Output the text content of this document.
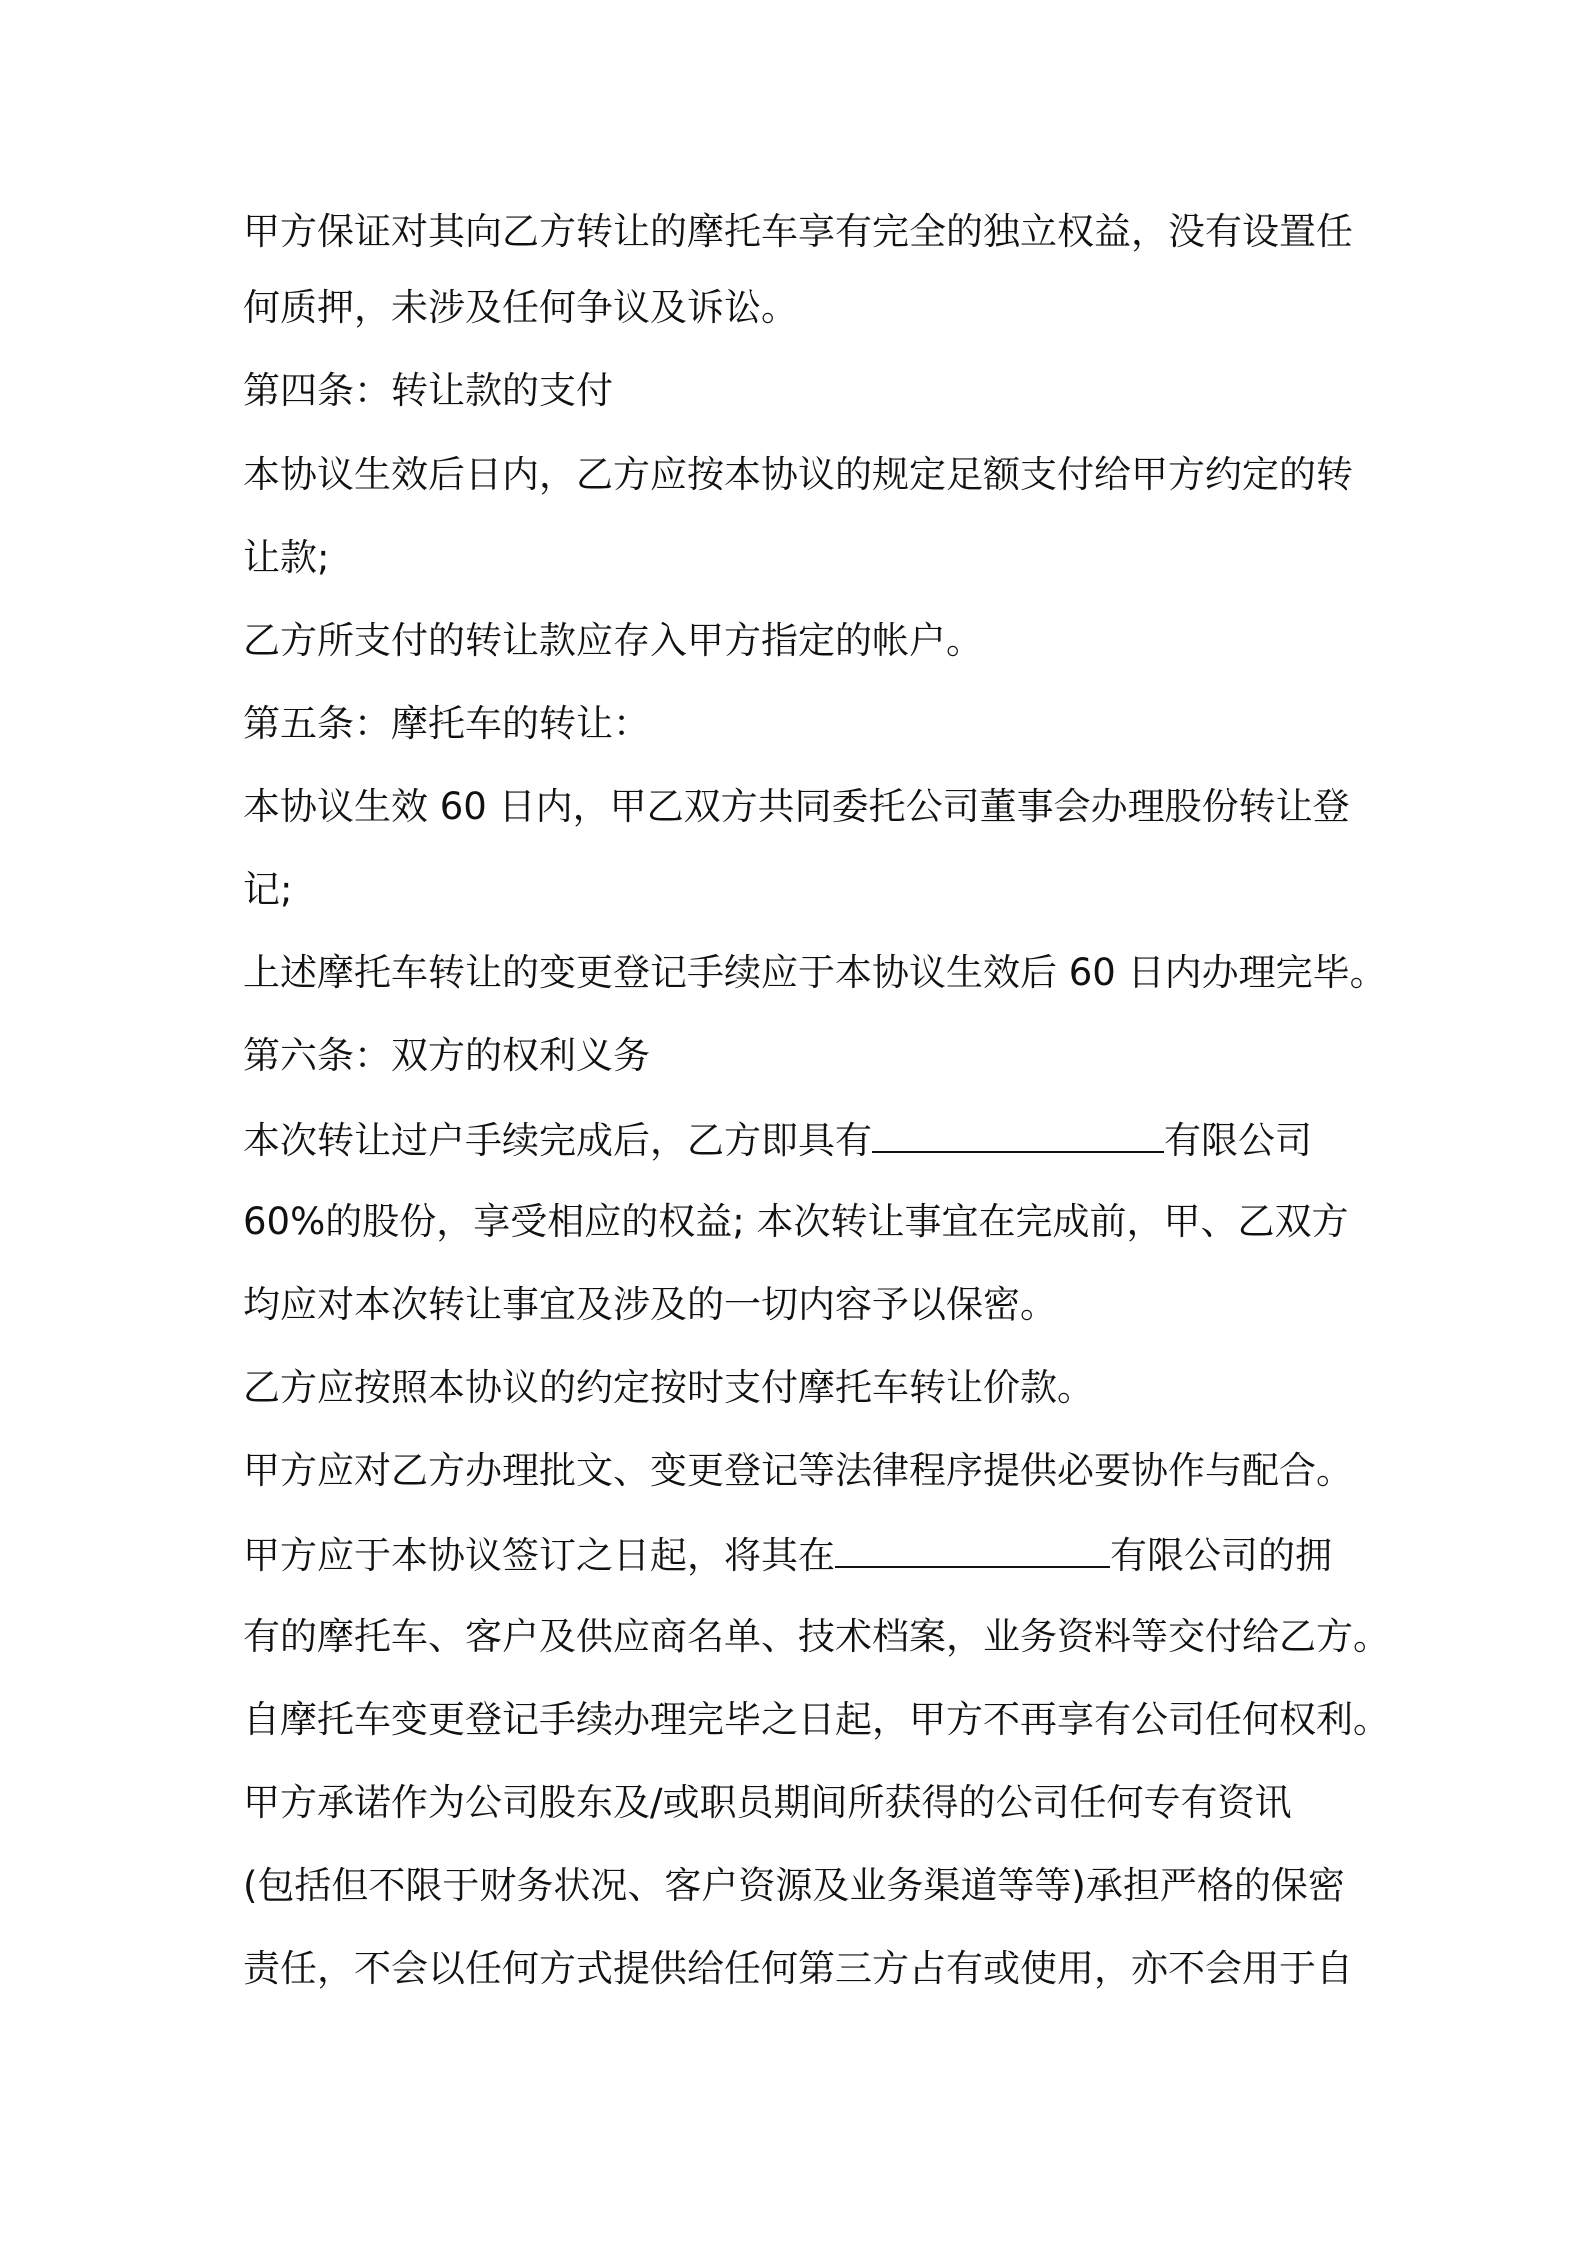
甲方保证对其向乙方转让的摩托车享有完全的独立权益，没有设置任
何质押，未涉及任何争议及诉讼。
第四条：转让款的支付
本协议生效后日内，乙方应按本协议的规定足额支付给甲方约定的转
让款;
乙方所支付的转让款应存入甲方指定的帐户。
第五条：摩托车的转让：
本协议生效 60 日内，甲乙双方共同委托公司董事会办理股份转让登
记;
上述摩托车转让的变更登记手续应于本协议生效后 60 日内办理完毕。
第六条：双方的权利义务
本次转让过户手续完成后，乙方即具有	有限公司
60%的股份，享受相应的权益; 本次转让事宜在完成前，甲、乙双方
均应对本次转让事宜及涉及的一切内容予以保密。
乙方应按照本协议的约定按时支付摩托车转让价款。
甲方应对乙方办理批文、变更登记等法律程序提供必要协作与配合。
甲方应于本协议签订之日起，将其在	有限公司的拥
有的摩托车、客户及供应商名单、技术档案，业务资料等交付给乙方。
自摩托车变更登记手续办理完毕之日起，甲方不再享有公司任何权利。
甲方承诺作为公司股东及/或职员期间所获得的公司任何专有资讯
(包括但不限于财务状况、客户资源及业务渠道等等)承担严格的保密
责任，不会以任何方式提供给任何第三方占有或使用，亦不会用于自
